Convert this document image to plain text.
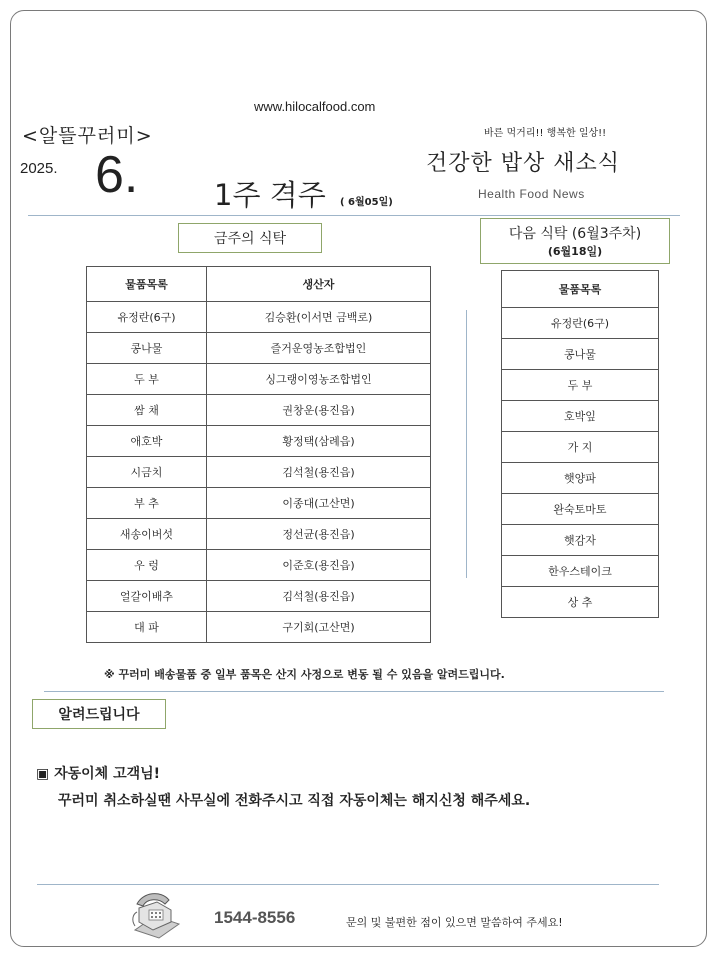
www.hilocalfood.com
<알뜰꾸러미>
2025. 6.	1주 격주 ( 6월05일)
바른 먹거리!! 행복한 일상!!
건강한 밥상 새소식
Health Food News
금주의 식탁	다음 식탁 (6월3주차)
(6월18일)
물품목록	생산자
유정란(6구)	김승환(이서면 금백로)
콩나물	즐거운영농조합법인
두 부	싱그랭이영농조합법인
쌈 채	권창운(용진읍)
애호박	황정택(삼례읍)
시금치	김석철(용진읍)
부 추	이종대(고산면)
새송이버섯	정선균(용진읍)
우 렁	이준호(용진읍)
얼갈이배추	김석철(용진읍)
대 파	구기회(고산면)
물품목록
유정란(6구)
콩나물
두 부
호박잎
가 지
햇양파
완숙토마토
햇감자
한우스테이크
상 추
※ 꾸러미 배송물품 중 일부 품목은 산지 사정으로 변동 될 수 있음을 알려드립니다.
알려드립니다
▣ 자동이체 고객님!
꾸러미 취소하실땐 사무실에 전화주시고 직접 자동이체는 해지신청 해주세요.
1544-8556	문의 및 불편한 점이 있으면 말씀하여 주세요!
